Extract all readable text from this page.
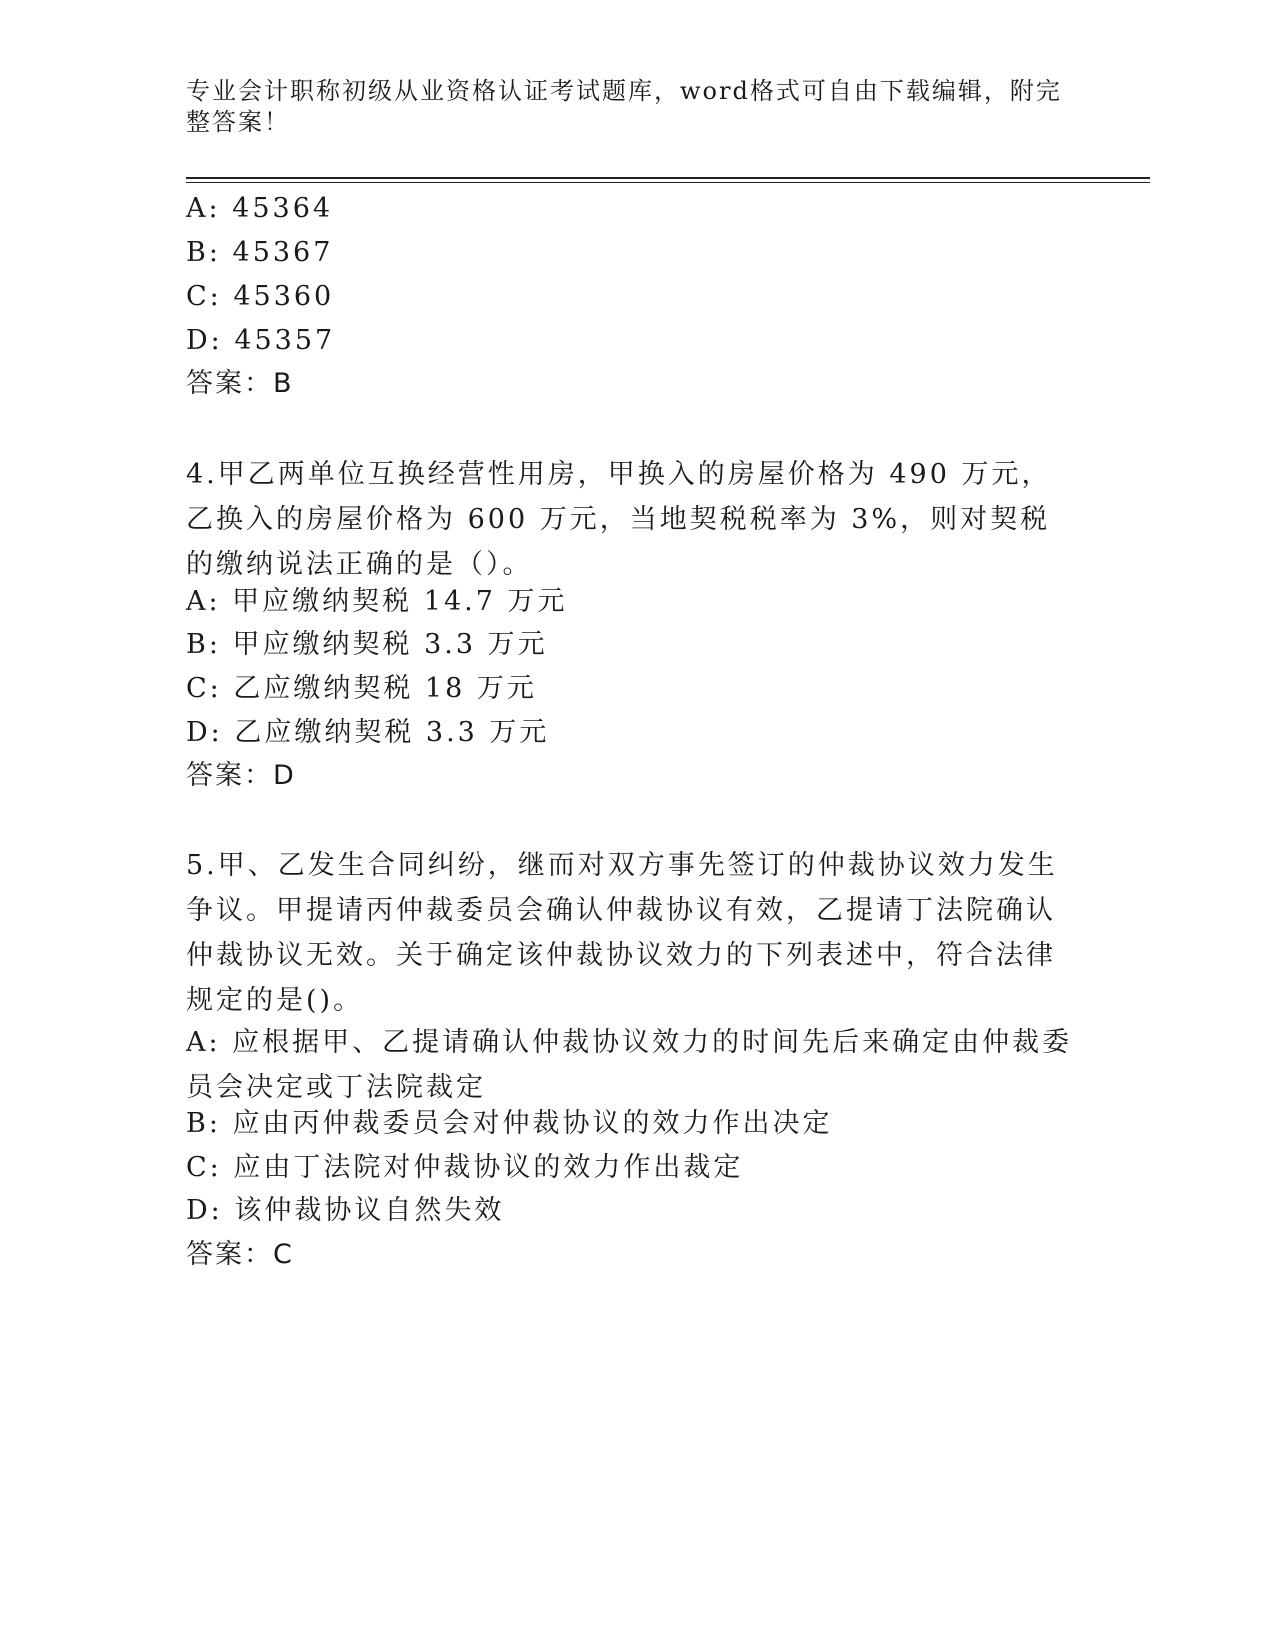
专业会计职称初级从业资格认证考试题库，word格式可自由下载编辑，附完整答案！
A: 45364
B: 45367
C: 45360
D: 45357
答案：B
4.甲乙两单位互换经营性用房，甲换入的房屋价格为 490 万元，乙换入的房屋价格为 600 万元，当地契税税率为 3%，则对契税的缴纳说法正确的是（）。
A: 甲应缴纳契税 14.7 万元
B: 甲应缴纳契税 3.3 万元
C: 乙应缴纳契税 18 万元
D: 乙应缴纳契税 3.3 万元
答案：D
5.甲、乙发生合同纠纷，继而对双方事先签订的仲裁协议效力发生争议。甲提请丙仲裁委员会确认仲裁协议有效，乙提请丁法院确认仲裁协议无效。关于确定该仲裁协议效力的下列表述中，符合法律规定的是()。
A: 应根据甲、乙提请确认仲裁协议效力的时间先后来确定由仲裁委员会决定或丁法院裁定
B: 应由丙仲裁委员会对仲裁协议的效力作出决定
C: 应由丁法院对仲裁协议的效力作出裁定
D: 该仲裁协议自然失效
答案：C
